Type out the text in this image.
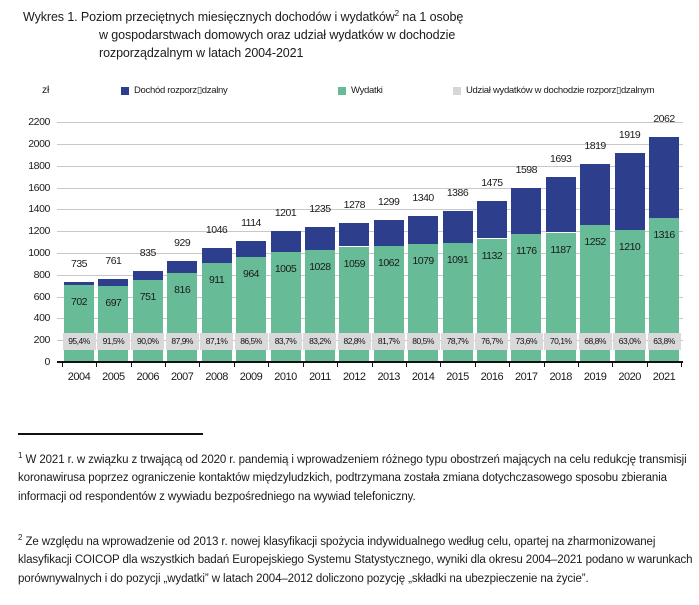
Wykres 1. Poziom przeciętnych miesięcznych dochodów i wydatków$^2$ na 1 osobę
w gospodarstwach domowych oraz udział wydatków w dochodzie
rozporządzalnym w latach 2004-2021
zł	Dochód rozporz▯dzalny	Wydatki	Udział wydatków w dochodzie rozporz▯dzalnym
0
200
400
600
800
1000
1200
1400
1600
1800
2000
2200
735
702
95,4%
2004
761
697
91,5%
2005
835
751
90,0%
2006
929
816
87,9%
2007
1046
911
87,1%
2008
1114
964
86,5%
2009
1201
1005
83,7%
2010
1235
1028
83,2%
2011
1278
1059
82,8%
2012
1299
1062
81,7%
2013
1340
1079
80,5%
2014
1386
1091
78,7%
2015
1475
1132
76,7%
2016
1598
1176
73,6%
2017
1693
1187
70,1%
2018
1819
1252
68,8%
2019
1919
1210
63,0%
2020
2062
1316
63,8%
2021

$^1$ W 2021 r. w związku z trwającą od 2020 r. pandemią i wprowadzeniem różnego typu obostrzeń mających na celu redukcję transmisji koronawirusa poprzez ograniczenie kontaktów międzyludzkich, podtrzymana została zmiana dotychczasowego sposobu zbierania informacji od respondentów z wywiadu bezpośredniego na wywiad telefoniczny.

$^2$ Ze względu na wprowadzenie od 2013 r. nowej klasyfikacji spożycia indywidualnego według celu, opartej na zharmonizowanej klasyfikacji COICOP dla wszystkich badań Europejskiego Systemu Statystycznego, wyniki dla okresu 2004–2021 podano w warunkach porównywalnych i do pozycji „wydatki” w latach 2004–2012 doliczono pozycję „składki na ubezpieczenie na życie”.
